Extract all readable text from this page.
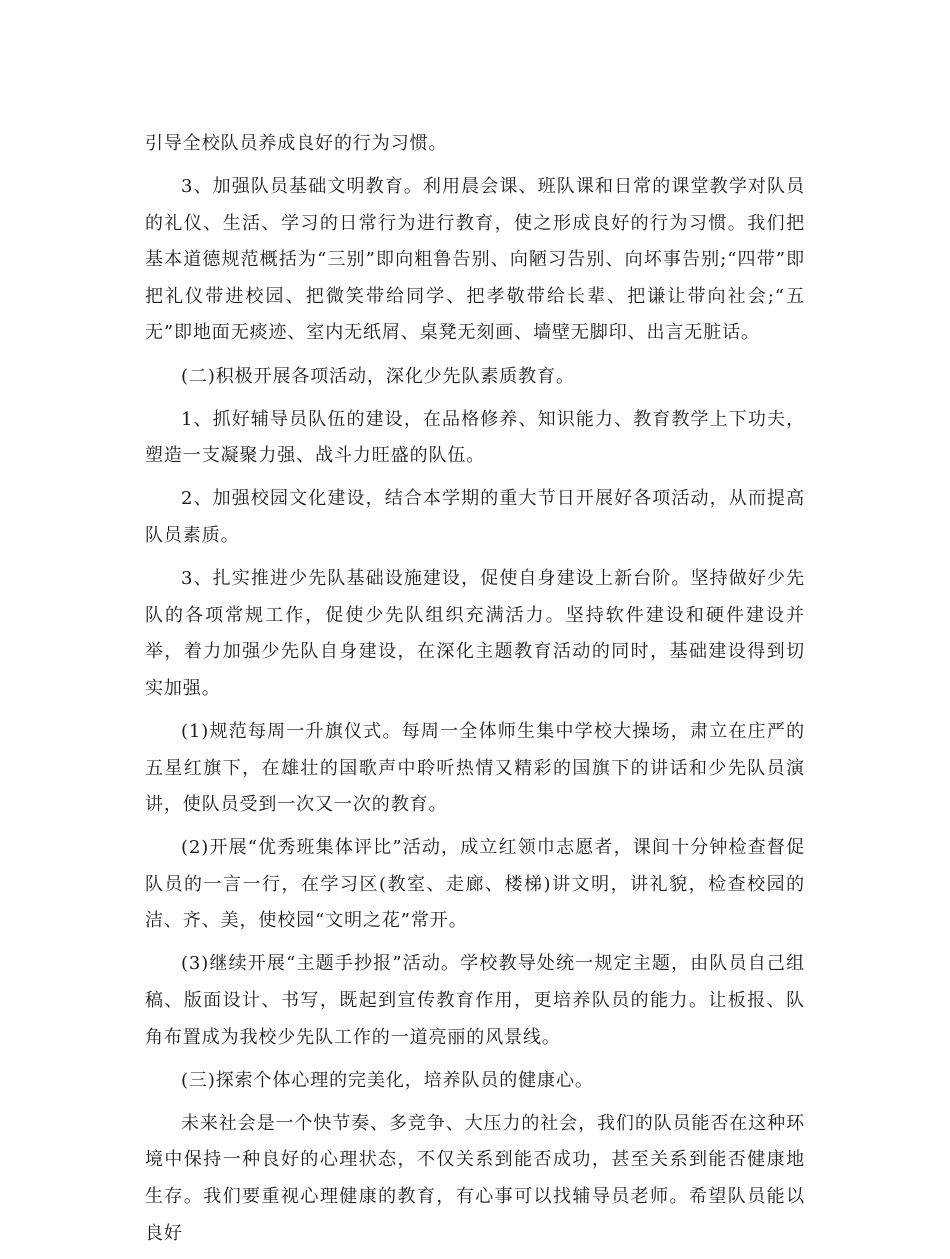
引导全校队员养成良好的行为习惯。

3、加强队员基础文明教育。利用晨会课、班队课和日常的课堂教学对队员的礼仪、生活、学习的日常行为进行教育，使之形成良好的行为习惯。我们把基本道德规范概括为“三别”即向粗鲁告别、向陋习告别、向坏事告别;“四带”即把礼仪带进校园、把微笑带给同学、把孝敬带给长辈、把谦让带向社会;“五无”即地面无痰迹、室内无纸屑、桌凳无刻画、墙壁无脚印、出言无脏话。

(二)积极开展各项活动，深化少先队素质教育。

1、抓好辅导员队伍的建设，在品格修养、知识能力、教育教学上下功夫，塑造一支凝聚力强、战斗力旺盛的队伍。

2、加强校园文化建设，结合本学期的重大节日开展好各项活动，从而提高队员素质。

3、扎实推进少先队基础设施建设，促使自身建设上新台阶。坚持做好少先队的各项常规工作，促使少先队组织充满活力。坚持软件建设和硬件建设并举，着力加强少先队自身建设，在深化主题教育活动的同时，基础建设得到切实加强。

(1)规范每周一升旗仪式。每周一全体师生集中学校大操场，肃立在庄严的五星红旗下，在雄壮的国歌声中聆听热情又精彩的国旗下的讲话和少先队员演讲，使队员受到一次又一次的教育。

(2)开展“优秀班集体评比”活动，成立红领巾志愿者，课间十分钟检查督促队员的一言一行，在学习区(教室、走廊、楼梯)讲文明，讲礼貌，检查校园的洁、齐、美，使校园“文明之花”常开。

(3)继续开展“主题手抄报”活动。学校教导处统一规定主题，由队员自己组稿、版面设计、书写，既起到宣传教育作用，更培养队员的能力。让板报、队角布置成为我校少先队工作的一道亮丽的风景线。

(三)探索个体心理的完美化，培养队员的健康心。

未来社会是一个快节奏、多竞争、大压力的社会，我们的队员能否在这种环境中保持一种良好的心理状态，不仅关系到能否成功，甚至关系到能否健康地生存。我们要重视心理健康的教育，有心事可以找辅导员老师。希望队员能以良好
